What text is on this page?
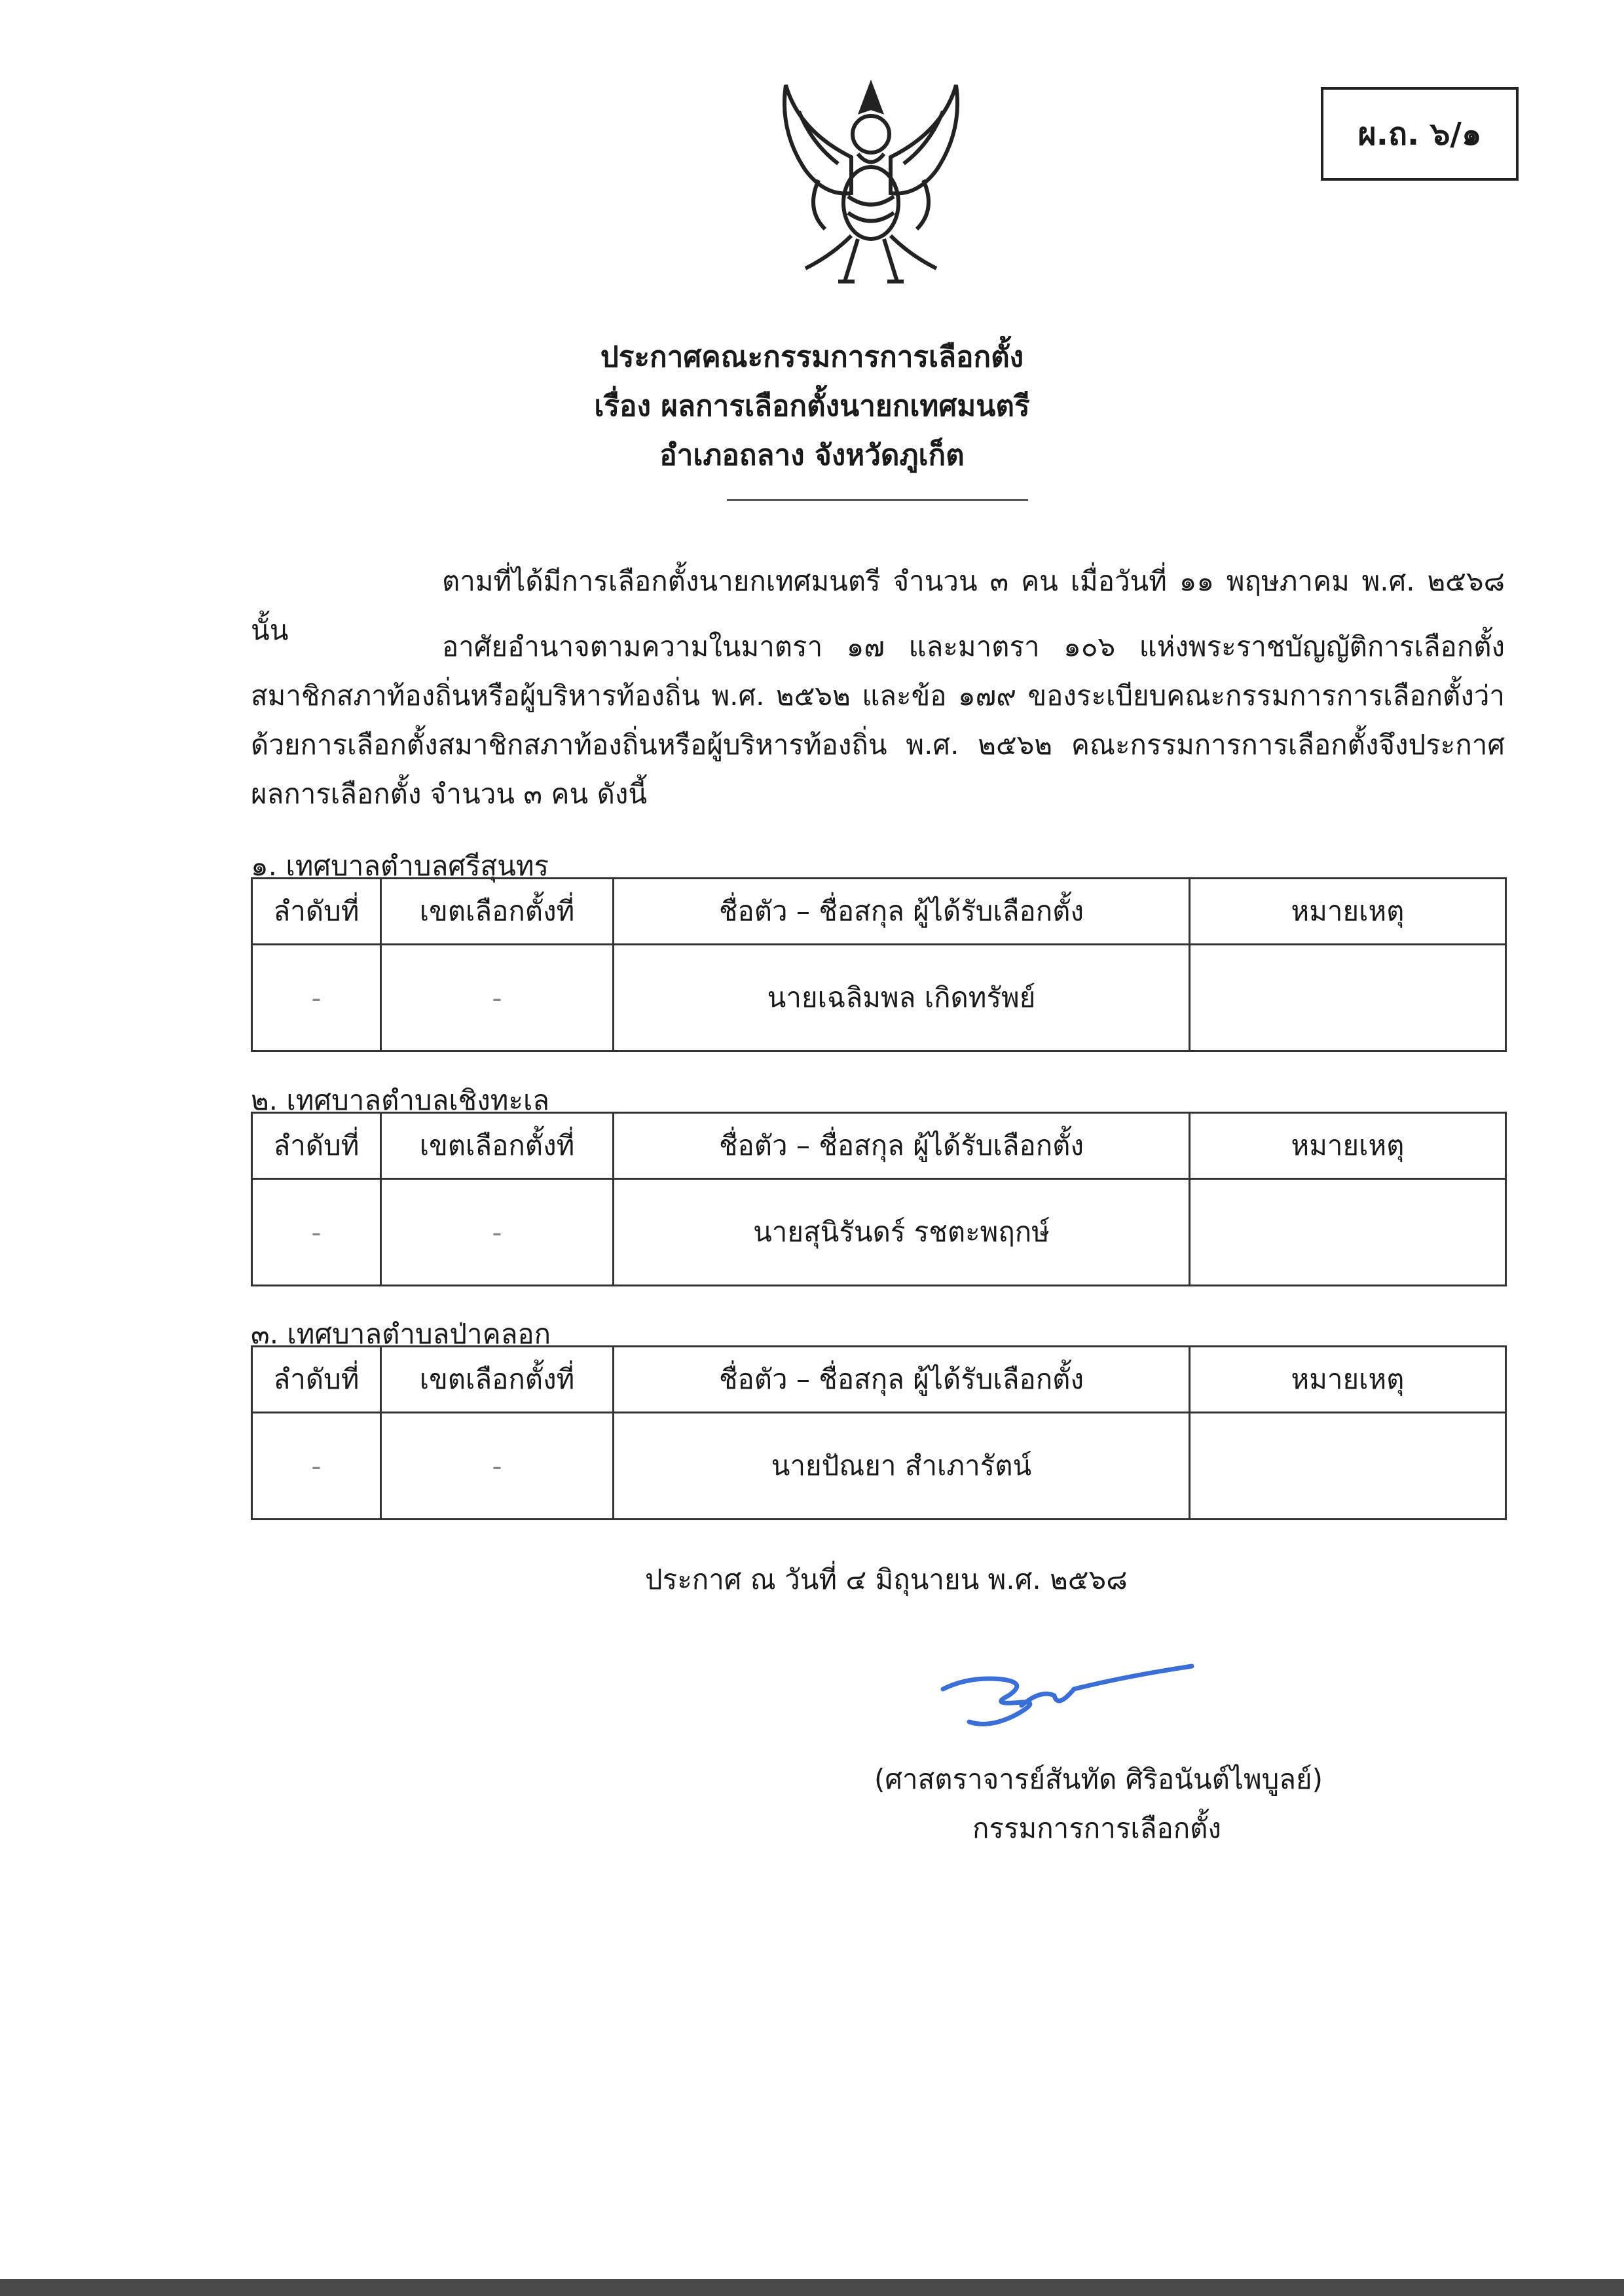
ผ.ถ. ๖/๑
ประกาศคณะกรรมการการเลือกตั้ง
เรื่อง ผลการเลือกตั้งนายกเทศมนตรี
อำเภอถลาง จังหวัดภูเก็ต
ตามที่ได้มีการเลือกตั้งนายกเทศมนตรี จำนวน ๓ คน เมื่อวันที่ ๑๑ พฤษภาคม พ.ศ. ๒๕๖๘ นั้น
อาศัยอำนาจตามความในมาตรา ๑๗ และมาตรา ๑๐๖ แห่งพระราชบัญญัติการเลือกตั้งสมาชิกสภาท้องถิ่นหรือผู้บริหารท้องถิ่น พ.ศ. ๒๕๖๒ และข้อ ๑๗๙ ของระเบียบคณะกรรมการการเลือกตั้งว่าด้วยการเลือกตั้งสมาชิกสภาท้องถิ่นหรือผู้บริหารท้องถิ่น พ.ศ. ๒๕๖๒ คณะกรรมการการเลือกตั้งจึงประกาศผลการเลือกตั้ง จำนวน ๓ คน ดังนี้
๑. เทศบาลตำบลศรีสุนทร
ลำดับที่	เขตเลือกตั้งที่	ชื่อตัว – ชื่อสกุล ผู้ได้รับเลือกตั้ง	หมายเหตุ
-	-	นายเฉลิมพล เกิดทรัพย์	
๒. เทศบาลตำบลเชิงทะเล
ลำดับที่	เขตเลือกตั้งที่	ชื่อตัว – ชื่อสกุล ผู้ได้รับเลือกตั้ง	หมายเหตุ
-	-	นายสุนิรันดร์ รชตะพฤกษ์	
๓. เทศบาลตำบลป่าคลอก
ลำดับที่	เขตเลือกตั้งที่	ชื่อตัว – ชื่อสกุล ผู้ได้รับเลือกตั้ง	หมายเหตุ
-	-	นายปัณยา สำเภารัตน์	
ประกาศ ณ วันที่ ๔ มิถุนายน พ.ศ. ๒๕๖๘
(ศาสตราจารย์สันทัด ศิริอนันต์ไพบูลย์)
กรรมการการเลือกตั้ง
